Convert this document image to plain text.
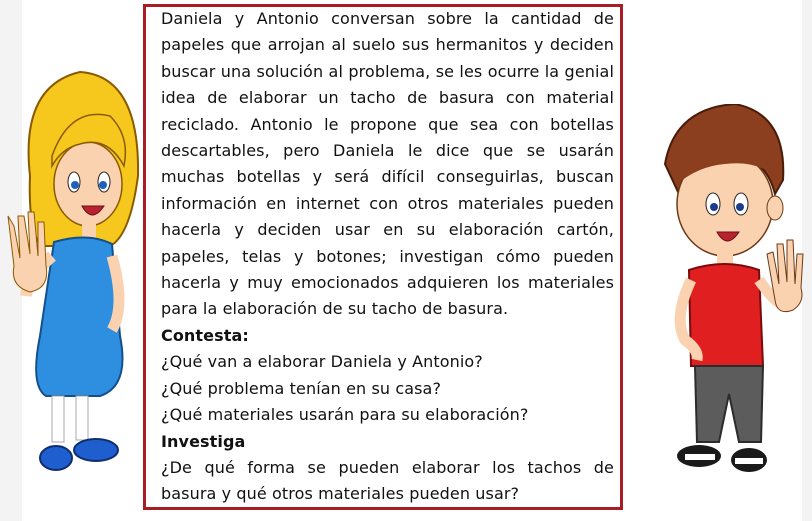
Daniela y Antonio conversan sobre la cantidad de papeles que arrojan al suelo sus hermanitos y deciden buscar una solución al problema, se les ocurre la genial idea de elaborar un tacho de basura con material reciclado. Antonio le propone que sea con botellas descartables, pero Daniela le dice que se usarán muchas botellas y será difícil conseguirlas, buscan información en internet con otros materiales pueden hacerla y deciden usar en su elaboración cartón, papeles, telas y botones; investigan cómo pueden hacerla y muy emocionados adquieren los materiales para la elaboración de su tacho de basura.

Contesta:

¿Qué van a elaborar Daniela y Antonio?

¿Qué problema tenían en su casa?

¿Qué materiales usarán para su elaboración?

Investiga

¿De qué forma se pueden elaborar los tachos de basura y qué otros materiales pueden usar?
